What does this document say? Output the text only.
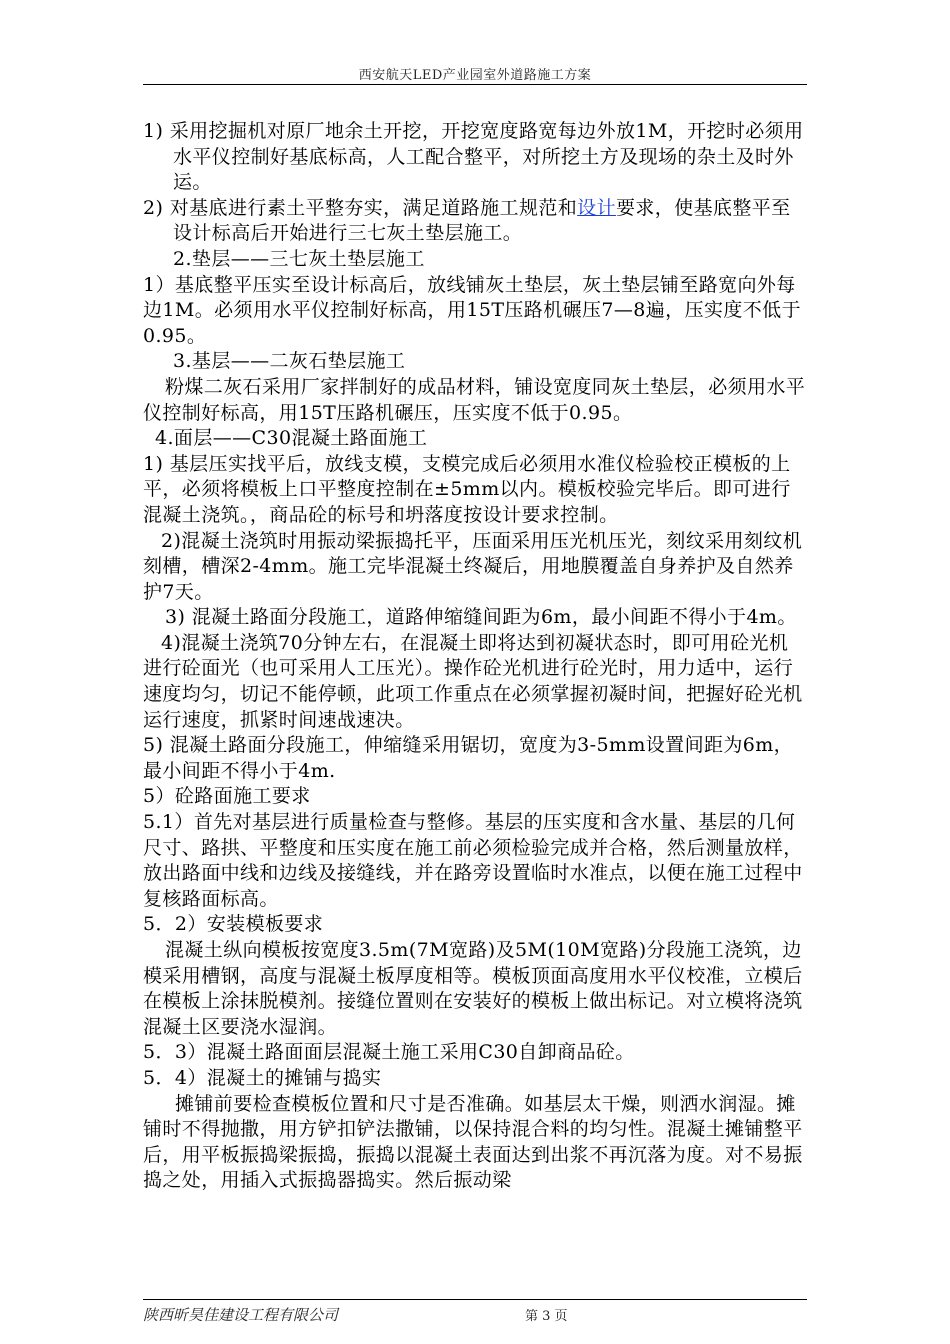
西安航天LED产业园室外道路施工方案

1) 采用挖掘机对原厂地余土开挖，开挖宽度路宽每边外放1M，开挖时必须用水平仪控制好基底标高，人工配合整平，对所挖土方及现场的杂土及时外运。

2) 对基底进行素土平整夯实，满足道路施工规范和设计要求，使基底整平至设计标高后开始进行三七灰土垫层施工。

2.垫层——三七灰土垫层施工

1）基底整平压实至设计标高后，放线铺灰土垫层，灰土垫层铺至路宽向外每边1M。必须用水平仪控制好标高，用15T压路机碾压7—8遍，压实度不低于0.95。

3.基层——二灰石垫层施工

粉煤二灰石采用厂家拌制好的成品材料，铺设宽度同灰土垫层，必须用水平仪控制好标高，用15T压路机碾压，压实度不低于0.95。

4.面层——C30混凝土路面施工

1) 基层压实找平后，放线支模，支模完成后必须用水准仪检验校正模板的上平，必须将模板上口平整度控制在±5mm以内。模板校验完毕后。即可进行混凝土浇筑。，商品砼的标号和坍落度按设计要求控制。

2)混凝土浇筑时用振动梁振捣托平，压面采用压光机压光，刻纹采用刻纹机刻槽，槽深2-4mm。施工完毕混凝土终凝后，用地膜覆盖自身养护及自然养护7天。

3) 混凝土路面分段施工，道路伸缩缝间距为6m，最小间距不得小于4m。

4)混凝土浇筑70分钟左右，在混凝土即将达到初凝状态时，即可用砼光机进行砼面光（也可采用人工压光）。操作砼光机进行砼光时，用力适中，运行速度均匀，切记不能停顿，此项工作重点在必须掌握初凝时间，把握好砼光机运行速度，抓紧时间速战速决。

5) 混凝土路面分段施工，伸缩缝采用锯切，宽度为3-5mm设置间距为6m，最小间距不得小于4m.

5）砼路面施工要求

5.1）首先对基层进行质量检查与整修。基层的压实度和含水量、基层的几何尺寸、路拱、平整度和压实度在施工前必须检验完成并合格，然后测量放样，放出路面中线和边线及接缝线，并在路旁设置临时水准点，以便在施工过程中复核路面标高。

5．2）安装模板要求

混凝土纵向模板按宽度3.5m(7M宽路)及5M(10M宽路)分段施工浇筑，边模采用槽钢，高度与混凝土板厚度相等。模板顶面高度用水平仪校准，立模后在模板上涂抹脱模剂。接缝位置则在安装好的模板上做出标记。对立模将浇筑混凝土区要浇水湿润。

5．3）混凝土路面面层混凝土施工采用C30自卸商品砼。

5．4）混凝土的摊铺与捣实

摊铺前要检查模板位置和尺寸是否准确。如基层太干燥，则洒水润湿。摊铺时不得抛撒，用方铲扣铲法撒铺，以保持混合料的均匀性。混凝土摊铺整平后，用平板振捣梁振捣，振捣以混凝土表面达到出浆不再沉落为度。对不易振捣之处，用插入式振捣器捣实。然后振动梁

陕西昕昊佳建设工程有限公司	第 3 页
